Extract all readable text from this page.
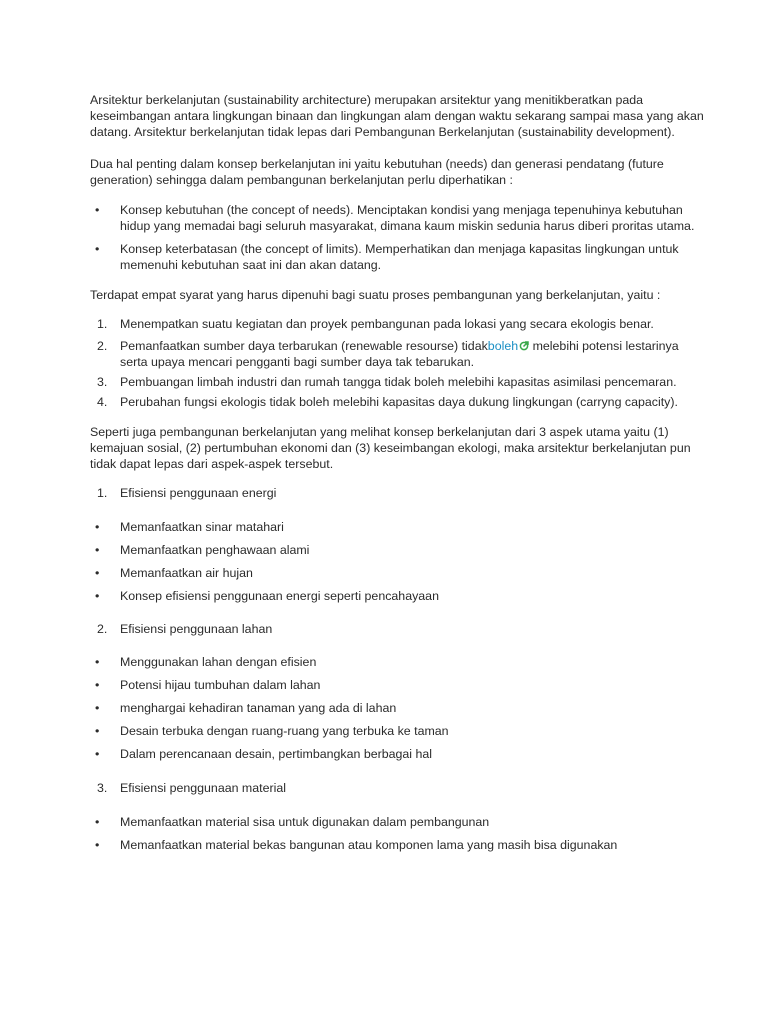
Arsitektur berkelanjutan (sustainability architecture) merupakan arsitektur yang menitikberatkan pada keseimbangan antara lingkungan binaan dan lingkungan alam dengan waktu sekarang sampai masa yang akan datang. Arsitektur berkelanjutan tidak lepas dari Pembangunan Berkelanjutan (sustainability development).

Dua hal penting dalam konsep berkelanjutan ini yaitu kebutuhan (needs) dan generasi pendatang (future generation) sehingga dalam pembangunan berkelanjutan perlu diperhatikan :

• Konsep kebutuhan (the concept of needs). Menciptakan kondisi yang menjaga tepenuhinya kebutuhan hidup yang memadai bagi seluruh masyarakat, dimana kaum miskin sedunia harus diberi proritas utama.
• Konsep keterbatasan (the concept of limits). Memperhatikan dan menjaga kapasitas lingkungan untuk memenuhi kebutuhan saat ini dan akan datang.

Terdapat empat syarat yang harus dipenuhi bagi suatu proses pembangunan yang berkelanjutan, yaitu :

1. Menempatkan suatu kegiatan dan proyek pembangunan pada lokasi yang secara ekologis benar.
2. Pemanfaatkan sumber daya terbarukan (renewable resourse) tidakboleh melebihi potensi lestarinya serta upaya mencari pengganti bagi sumber daya tak tebarukan.
3. Pembuangan limbah industri dan rumah tangga tidak boleh melebihi kapasitas asimilasi pencemaran.
4. Perubahan fungsi ekologis tidak boleh melebihi kapasitas daya dukung lingkungan (carryng capacity).

Seperti juga pembangunan berkelanjutan yang melihat konsep berkelanjutan dari 3 aspek utama yaitu (1) kemajuan sosial, (2) pertumbuhan ekonomi dan (3) keseimbangan ekologi, maka arsitektur berkelanjutan pun tidak dapat lepas dari aspek-aspek tersebut.

1. Efisiensi penggunaan energi
• Memanfaatkan sinar matahari
• Memanfaatkan penghawaan alami
• Memanfaatkan air hujan
• Konsep efisiensi penggunaan energi seperti pencahayaan
2. Efisiensi penggunaan lahan
• Menggunakan lahan dengan efisien
• Potensi hijau tumbuhan dalam lahan
• menghargai kehadiran tanaman yang ada di lahan
• Desain terbuka dengan ruang-ruang yang terbuka ke taman
• Dalam perencanaan desain, pertimbangkan berbagai hal
3. Efisiensi penggunaan material
• Memanfaatkan material sisa untuk digunakan dalam pembangunan
• Memanfaatkan material bekas bangunan atau komponen lama yang masih bisa digunakan
